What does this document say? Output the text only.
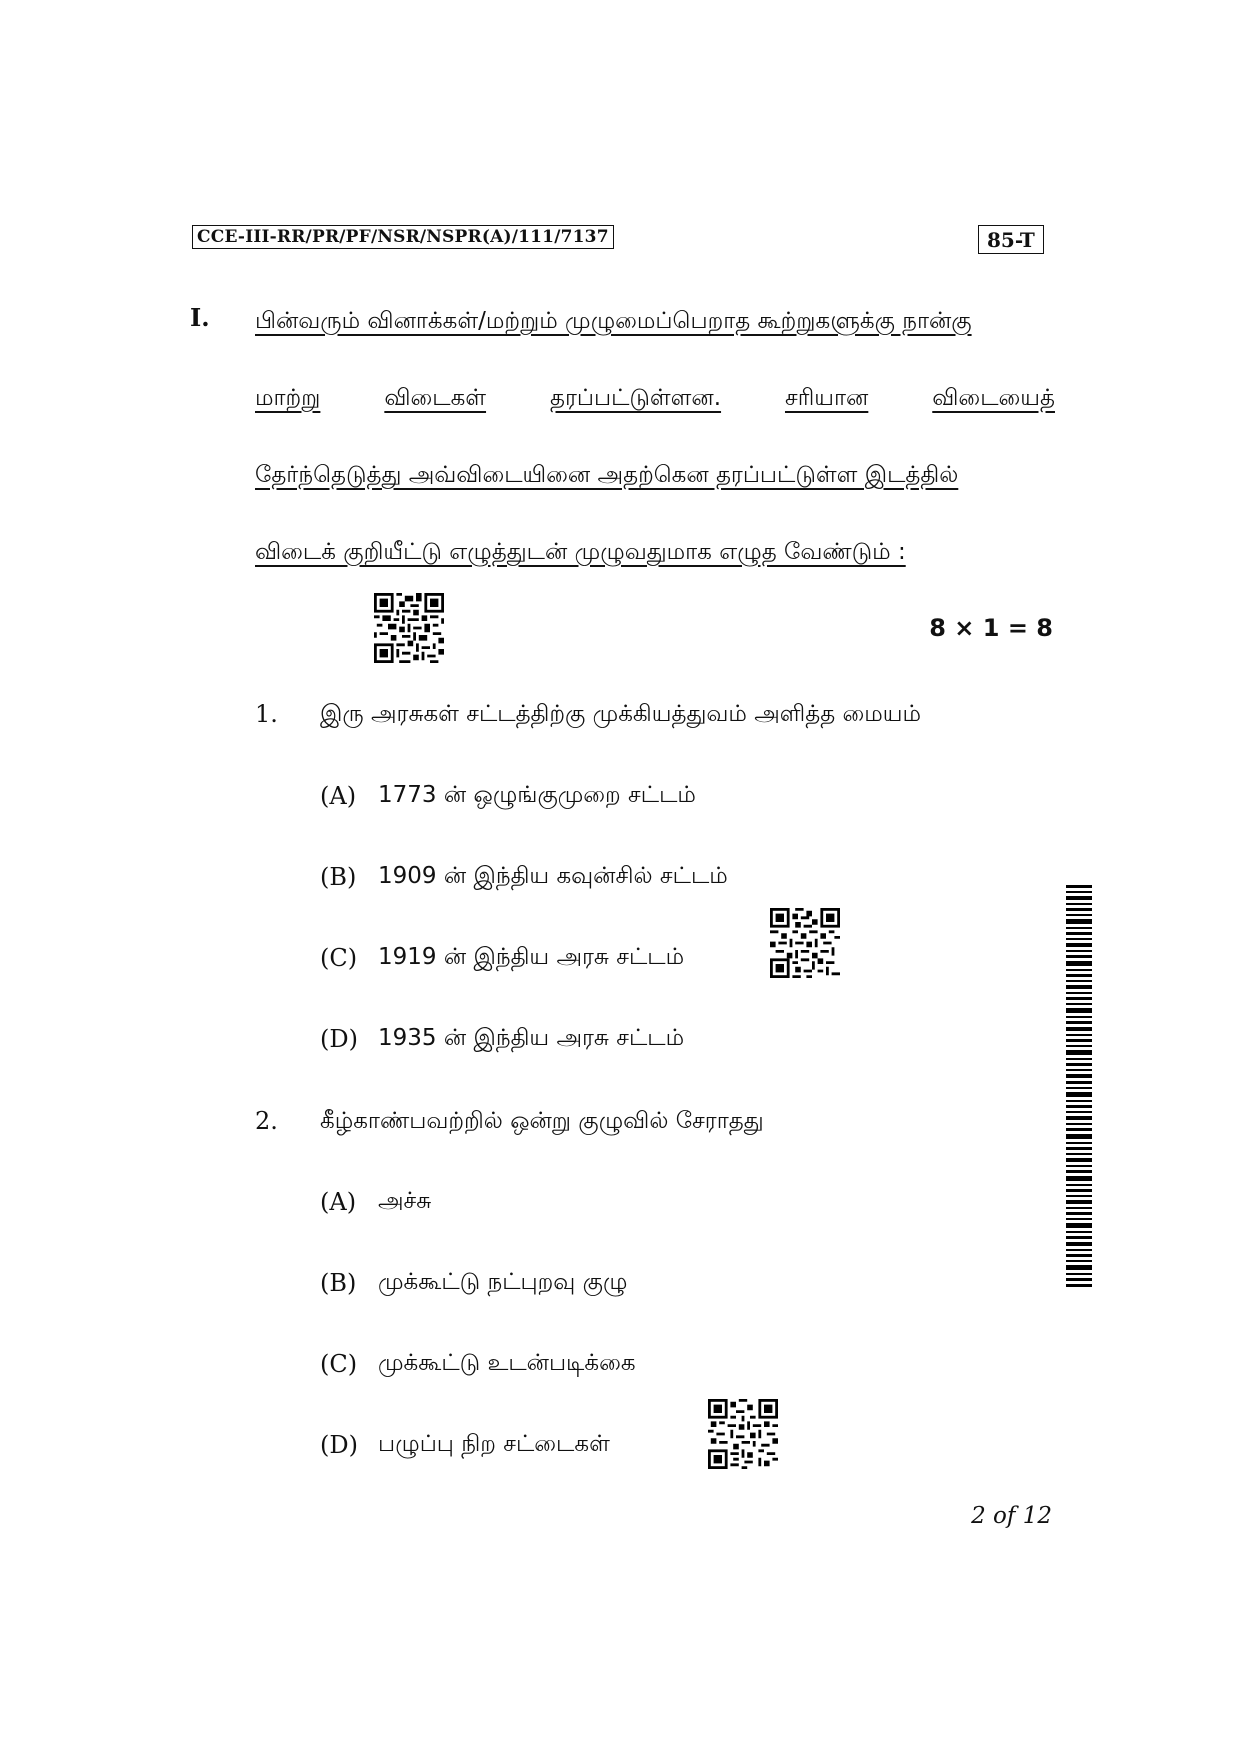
CCE-III-RR/PR/PF/NSR/NSPR(A)/111/7137	85-T
I. பின்வரும் வினாக்கள்/மற்றும் முழுமைப்பெறாத கூற்றுகளுக்கு நான்கு
மாற்று	விடைகள்	தரப்பட்டுள்ளன.	சரியான	விடையைத்
தேர்ந்தெடுத்து அவ்விடையினை அதற்கென தரப்பட்டுள்ள இடத்தில்
விடைக் குறியீட்டு எழுத்துடன் முழுவதுமாக எழுத வேண்டும் :
8 × 1 = 8
1. இரு அரசுகள் சட்டத்திற்கு முக்கியத்துவம் அளித்த மையம்
(A) 1773 ன் ஒழுங்குமுறை சட்டம்
(B) 1909 ன் இந்திய கவுன்சில் சட்டம்
(C) 1919 ன் இந்திய அரசு சட்டம்
(D) 1935 ன் இந்திய அரசு சட்டம்
2. கீழ்காண்பவற்றில் ஒன்று குழுவில் சேராதது
(A) அச்சு
(B) முக்கூட்டு நட்புறவு குழு
(C) முக்கூட்டு உடன்படிக்கை
(D) பழுப்பு நிற சட்டைகள்
2 of 12
